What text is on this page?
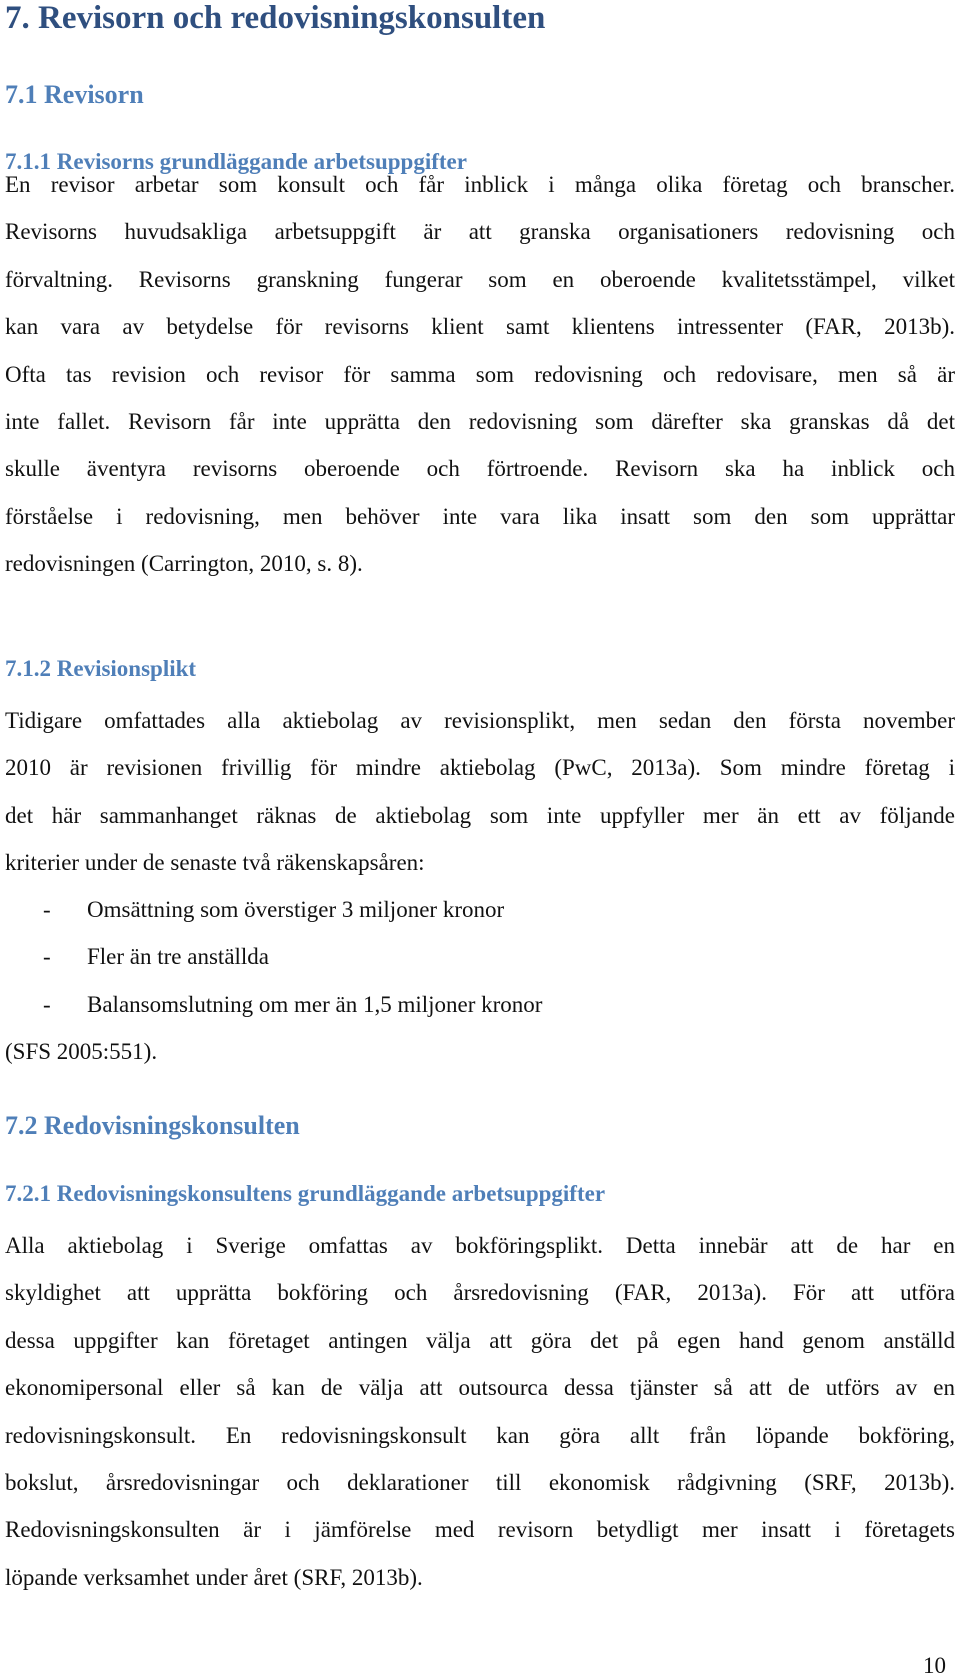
7. Revisorn och redovisningskonsulten
7.1 Revisorn
7.1.1 Revisorns grundläggande arbetsuppgifter
En revisor arbetar som konsult och får inblick i många olika företag och branscher.
Revisorns huvudsakliga arbetsuppgift är att granska organisationers redovisning och
förvaltning. Revisorns granskning fungerar som en oberoende kvalitetsstämpel, vilket
kan vara av betydelse för revisorns klient samt klientens intressenter (FAR, 2013b).
Ofta tas revision och revisor för samma som redovisning och redovisare, men så är
inte fallet. Revisorn får inte upprätta den redovisning som därefter ska granskas då det
skulle äventyra revisorns oberoende och förtroende. Revisorn ska ha inblick och
förståelse i redovisning, men behöver inte vara lika insatt som den som upprättar
redovisningen (Carrington, 2010, s. 8).
7.1.2 Revisionsplikt
Tidigare omfattades alla aktiebolag av revisionsplikt, men sedan den första november
2010 är revisionen frivillig för mindre aktiebolag (PwC, 2013a). Som mindre företag i
det här sammanhanget räknas de aktiebolag som inte uppfyller mer än ett av följande
kriterier under de senaste två räkenskapsåren:
- Omsättning som överstiger 3 miljoner kronor
- Fler än tre anställda
- Balansomslutning om mer än 1,5 miljoner kronor
(SFS 2005:551).
7.2 Redovisningskonsulten
7.2.1 Redovisningskonsultens grundläggande arbetsuppgifter
Alla aktiebolag i Sverige omfattas av bokföringsplikt. Detta innebär att de har en
skyldighet att upprätta bokföring och årsredovisning (FAR, 2013a). För att utföra
dessa uppgifter kan företaget antingen välja att göra det på egen hand genom anställd
ekonomipersonal eller så kan de välja att outsourca dessa tjänster så att de utförs av en
redovisningskonsult. En redovisningskonsult kan göra allt från löpande bokföring,
bokslut, årsredovisningar och deklarationer till ekonomisk rådgivning (SRF, 2013b).
Redovisningskonsulten är i jämförelse med revisorn betydligt mer insatt i företagets
löpande verksamhet under året (SRF, 2013b).
10
